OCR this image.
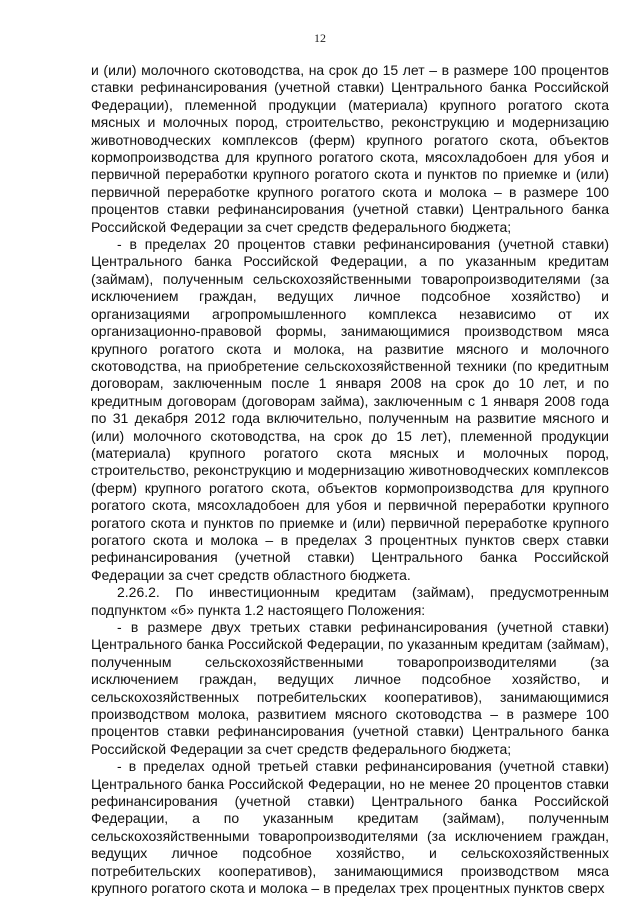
12

и (или) молочного скотоводства, на срок до 15 лет – в размере 100 процентов ставки рефинансирования (учетной ставки) Центрального банка Российской Федерации), племенной продукции (материала) крупного рогатого скота мясных и молочных пород, строительство, реконструкцию и модернизацию животноводческих комплексов (ферм) крупного рогатого скота, объектов кормопроизводства для крупного рогатого скота, мясохладобоен для убоя и первичной переработки крупного рогатого скота и пунктов по приемке и (или) первичной переработке крупного рогатого скота и молока – в размере 100 процентов ставки рефинансирования (учетной ставки) Центрального банка Российской Федерации за счет средств федерального бюджета;

- в пределах 20 процентов ставки рефинансирования (учетной ставки) Центрального банка Российской Федерации, а по указанным кредитам (займам), полученным сельскохозяйственными товаропроизводителями (за исключением граждан, ведущих личное подсобное хозяйство) и организациями агропромышленного комплекса независимо от их организационно-правовой формы, занимающимися производством мяса крупного рогатого скота и молока, на развитие мясного и молочного скотоводства, на приобретение сельскохозяйственной техники (по кредитным договорам, заключенным после 1 января 2008 на срок до 10 лет, и по кредитным договорам (договорам займа), заключенным с 1 января 2008 года по 31 декабря 2012 года включительно, полученным на развитие мясного и (или) молочного скотоводства, на срок до 15 лет), племенной продукции (материала) крупного рогатого скота мясных и молочных пород, строительство, реконструкцию и модернизацию животноводческих комплексов (ферм) крупного рогатого скота, объектов кормопроизводства для крупного рогатого скота, мясохладобоен для убоя и первичной переработки крупного рогатого скота и пунктов по приемке и (или) первичной переработке крупного рогатого скота и молока – в пределах 3 процентных пунктов сверх ставки рефинансирования (учетной ставки) Центрального банка Российской Федерации за счет средств областного бюджета.

2.26.2. По инвестиционным кредитам (займам), предусмотренным подпунктом «б» пункта 1.2 настоящего Положения:

- в размере двух третьих ставки рефинансирования (учетной ставки) Центрального банка Российской Федерации, по указанным кредитам (займам), полученным сельскохозяйственными товаропроизводителями (за исключением граждан, ведущих личное подсобное хозяйство, и сельскохозяйственных потребительских кооперативов), занимающимися производством молока, развитием мясного скотоводства – в размере 100 процентов ставки рефинансирования (учетной ставки) Центрального банка Российской Федерации за счет средств федерального бюджета;

- в пределах одной третьей ставки рефинансирования (учетной ставки) Центрального банка Российской Федерации, но не менее 20 процентов ставки рефинансирования (учетной ставки) Центрального банка Российской Федерации, а по указанным кредитам (займам), полученным сельскохозяйственными товаропроизводителями (за исключением граждан, ведущих личное подсобное хозяйство, и сельскохозяйственных потребительских кооперативов), занимающимися производством мяса крупного рогатого скота и молока – в пределах трех процентных пунктов сверх
